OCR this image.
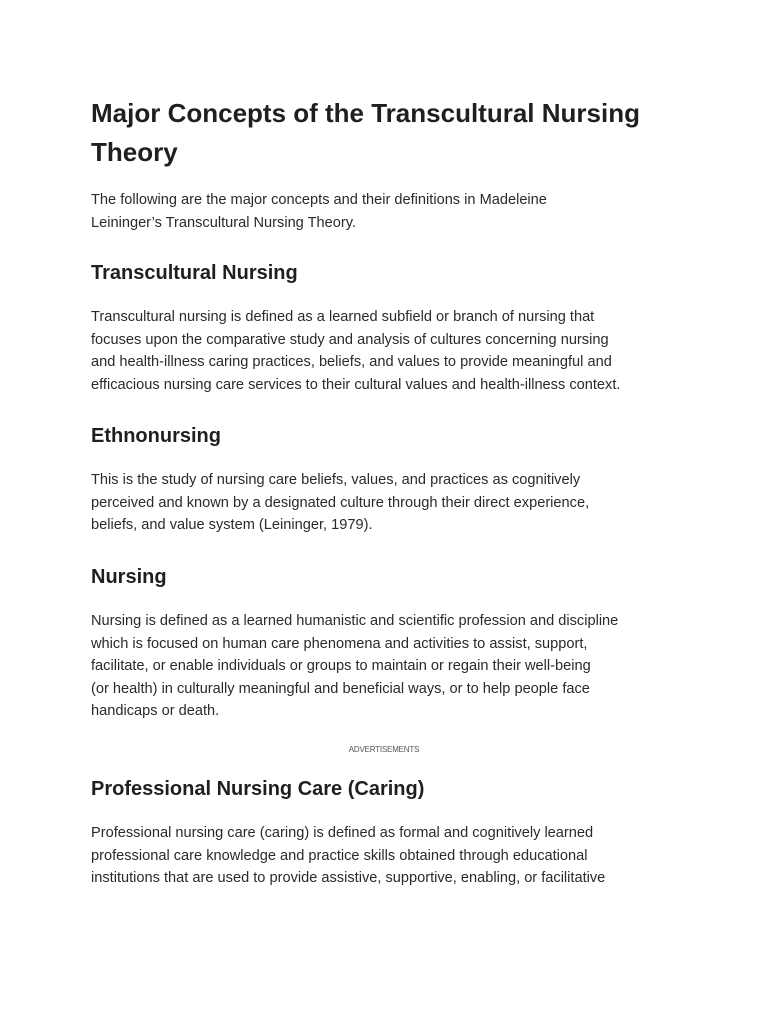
Major Concepts of the Transcultural Nursing
Theory
The following are the major concepts and their definitions in Madeleine
Leininger’s Transcultural Nursing Theory.
Transcultural Nursing
Transcultural nursing is defined as a learned subfield or branch of nursing that
focuses upon the comparative study and analysis of cultures concerning nursing
and health-illness caring practices, beliefs, and values to provide meaningful and
efficacious nursing care services to their cultural values and health-illness context.
Ethnonursing
This is the study of nursing care beliefs, values, and practices as cognitively
perceived and known by a designated culture through their direct experience,
beliefs, and value system (Leininger, 1979).
Nursing
Nursing is defined as a learned humanistic and scientific profession and discipline
which is focused on human care phenomena and activities to assist, support,
facilitate, or enable individuals or groups to maintain or regain their well-being
(or health) in culturally meaningful and beneficial ways, or to help people face
handicaps or death.
ADVERTISEMENTS
Professional Nursing Care (Caring)
Professional nursing care (caring) is defined as formal and cognitively learned
professional care knowledge and practice skills obtained through educational
institutions that are used to provide assistive, supportive, enabling, or facilitative
